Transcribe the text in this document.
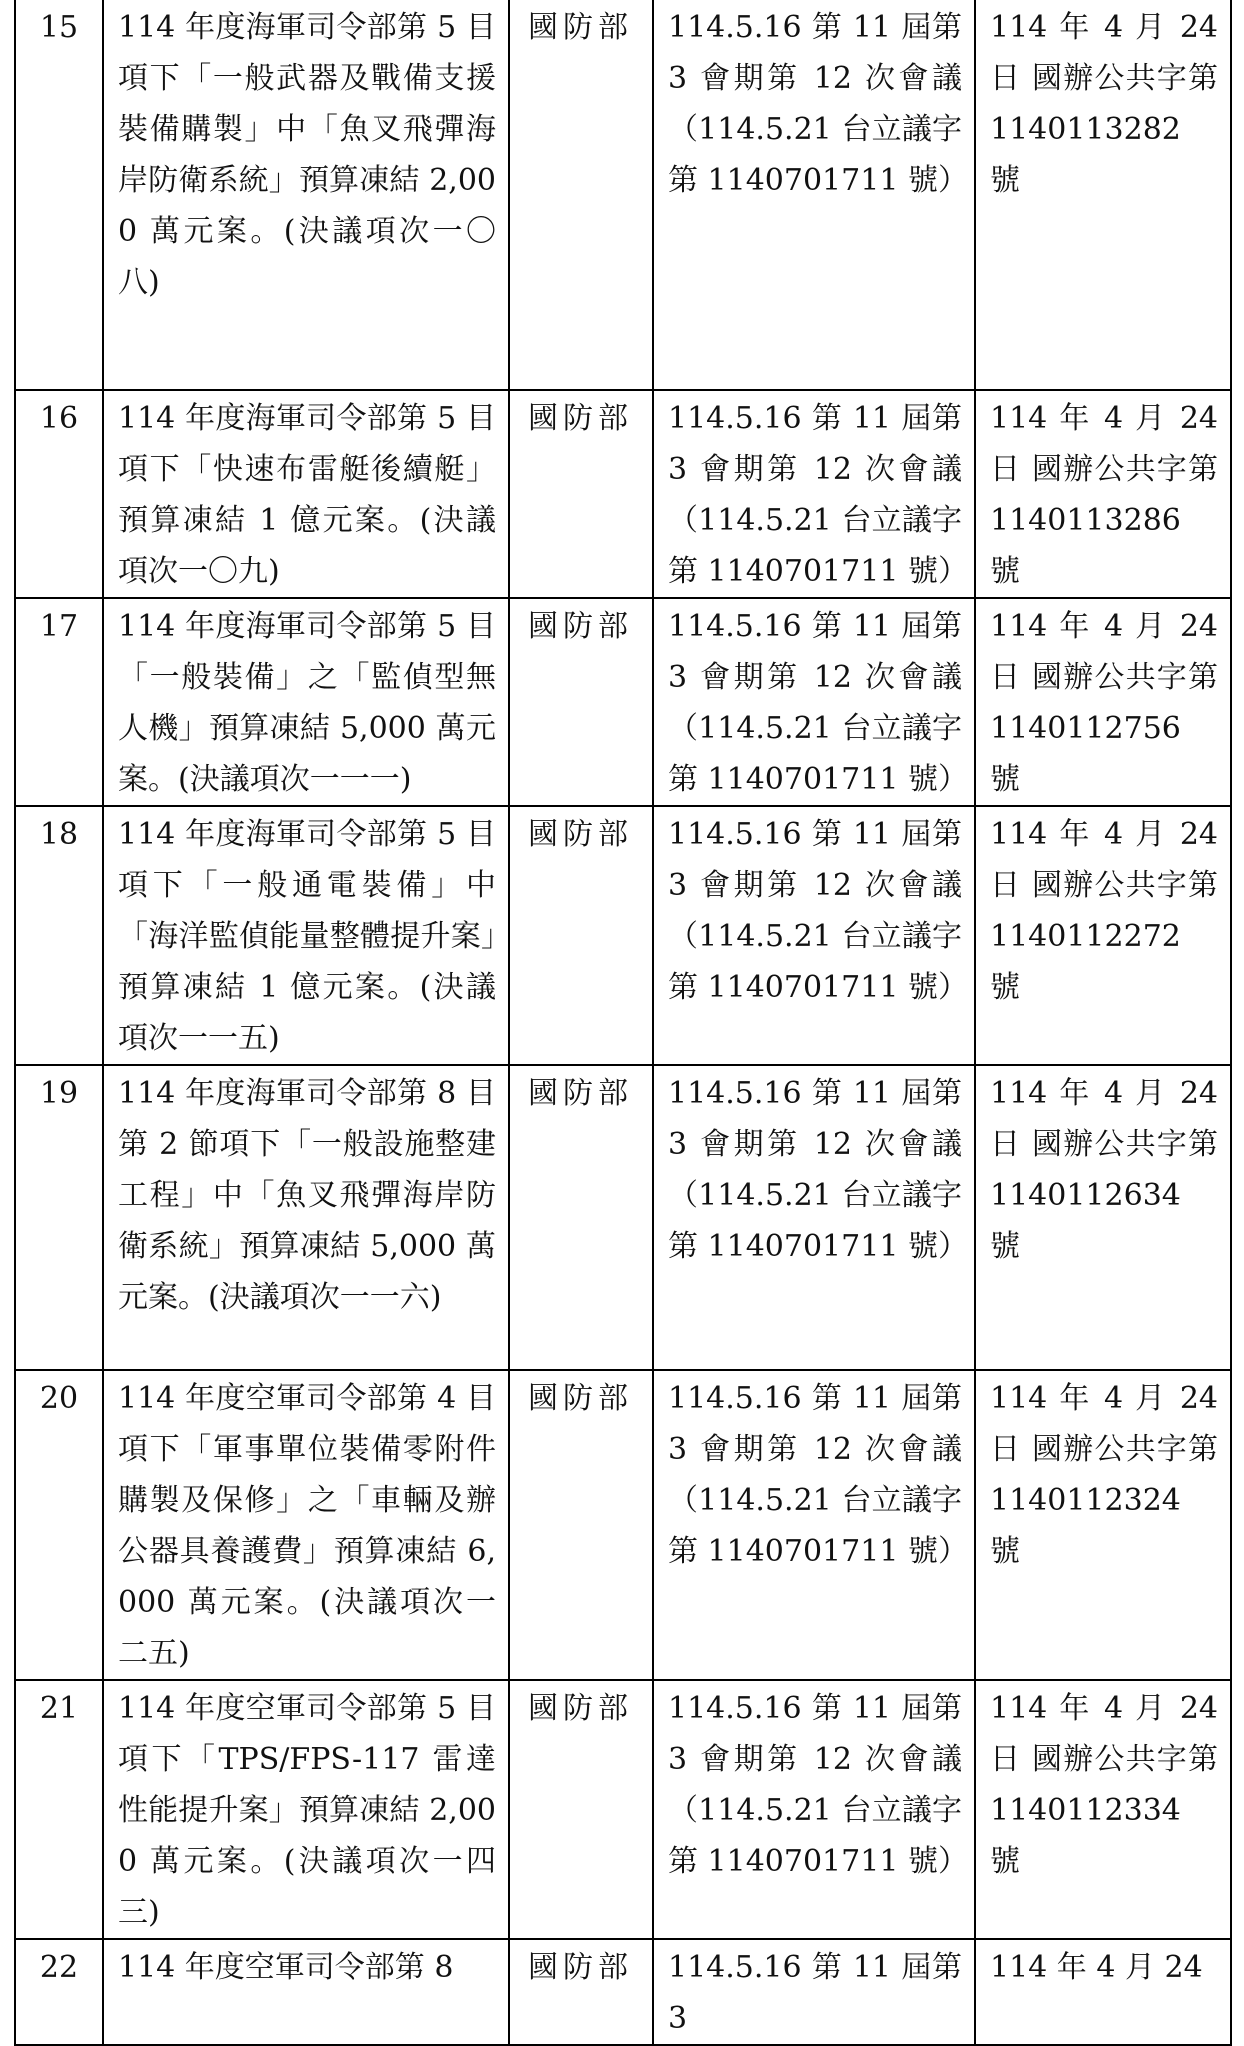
15	114 年度海軍司令部第 5 目項下「一般武器及戰備支援裝備購製」中「魚叉飛彈海岸防衛系統」預算凍結 2,000 萬元案。(決議項次一〇八)	國防部	114.5.16 第 11 屆第 3 會期第 12 次會議（114.5.21 台立議字第 1140701711 號）	114 年 4 月 24 日 國辦公共字第 1140113282 號
16	114 年度海軍司令部第 5 目項下「快速布雷艇後續艇」預算凍結 1 億元案。(決議項次一〇九)	國防部	114.5.16 第 11 屆第 3 會期第 12 次會議（114.5.21 台立議字第 1140701711 號）	114 年 4 月 24 日 國辦公共字第 1140113286 號
17	114 年度海軍司令部第 5 目「一般裝備」之「監偵型無人機」預算凍結 5,000 萬元案。(決議項次一一一)	國防部	114.5.16 第 11 屆第 3 會期第 12 次會議（114.5.21 台立議字第 1140701711 號）	114 年 4 月 24 日 國辦公共字第 1140112756 號
18	114 年度海軍司令部第 5 目項下「一般通電裝備」中「海洋監偵能量整體提升案」預算凍結 1 億元案。(決議項次一一五)	國防部	114.5.16 第 11 屆第 3 會期第 12 次會議（114.5.21 台立議字第 1140701711 號）	114 年 4 月 24 日 國辦公共字第 1140112272 號
19	114 年度海軍司令部第 8 目第 2 節項下「一般設施整建工程」中「魚叉飛彈海岸防衛系統」預算凍結 5,000 萬元案。(決議項次一一六)	國防部	114.5.16 第 11 屆第 3 會期第 12 次會議（114.5.21 台立議字第 1140701711 號）	114 年 4 月 24 日 國辦公共字第 1140112634 號
20	114 年度空軍司令部第 4 目項下「軍事單位裝備零附件購製及保修」之「車輛及辦公器具養護費」預算凍結 6,000 萬元案。(決議項次一二五)	國防部	114.5.16 第 11 屆第 3 會期第 12 次會議（114.5.21 台立議字第 1140701711 號）	114 年 4 月 24 日 國辦公共字第 1140112324 號
21	114 年度空軍司令部第 5 目項下「TPS/FPS-117 雷達性能提升案」預算凍結 2,000 萬元案。(決議項次一四三)	國防部	114.5.16 第 11 屆第 3 會期第 12 次會議（114.5.21 台立議字第 1140701711 號）	114 年 4 月 24 日 國辦公共字第 1140112334 號
22	114 年度空軍司令部第 8	國防部	114.5.16 第 11 屆第 3	114 年 4 月 24
